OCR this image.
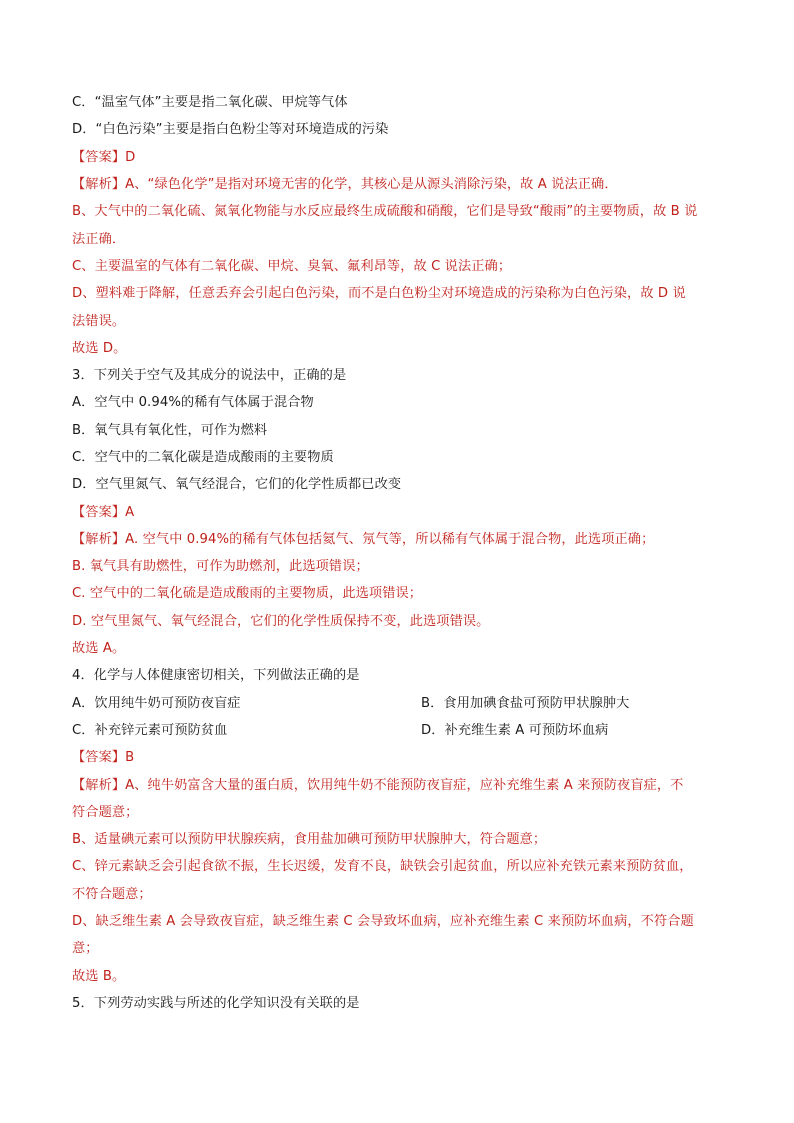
C．“温室气体”主要是指二氧化碳、甲烷等气体
D．“白色污染”主要是指白色粉尘等对环境造成的污染
【答案】D
【解析】A、“绿色化学”是指对环境无害的化学，其核心是从源头消除污染，故 A 说法正确．
B、大气中的二氧化硫、氮氧化物能与水反应最终生成硫酸和硝酸，它们是导致“酸雨”的主要物质，故 B 说
法正确．
C、主要温室的气体有二氧化碳、甲烷、臭氧、氟利昂等，故 C 说法正确；
D、塑料难于降解，任意丢弃会引起白色污染，而不是白色粉尘对环境造成的污染称为白色污染，故 D 说
法错误。
故选 D。
3．下列关于空气及其成分的说法中，正确的是
A．空气中 0.94%的稀有气体属于混合物
B．氧气具有氧化性，可作为燃料
C．空气中的二氧化碳是造成酸雨的主要物质
D．空气里氮气、氧气经混合，它们的化学性质都已改变
【答案】A
【解析】A. 空气中 0.94%的稀有气体包括氦气、氖气等，所以稀有气体属于混合物，此选项正确；
B. 氧气具有助燃性，可作为助燃剂，此选项错误；
C. 空气中的二氧化硫是造成酸雨的主要物质，此选项错误；
D. 空气里氮气、氧气经混合，它们的化学性质保持不变，此选项错误。
故选 A。
4．化学与人体健康密切相关，下列做法正确的是
A．饮用纯牛奶可预防夜盲症	B．食用加碘食盐可预防甲状腺肿大
C．补充锌元素可预防贫血	D．补充维生素 A 可预防坏血病
【答案】B
【解析】A、纯牛奶富含大量的蛋白质，饮用纯牛奶不能预防夜盲症，应补充维生素 A 来预防夜盲症，不
符合题意；
B、适量碘元素可以预防甲状腺疾病，食用盐加碘可预防甲状腺肿大，符合题意；
C、锌元素缺乏会引起食欲不振，生长迟缓，发育不良，缺铁会引起贫血，所以应补充铁元素来预防贫血，
不符合题意；
D、缺乏维生素 A 会导致夜盲症，缺乏维生素 C 会导致坏血病，应补充维生素 C 来预防坏血病，不符合题
意；
故选 B。
5．下列劳动实践与所述的化学知识没有关联的是
